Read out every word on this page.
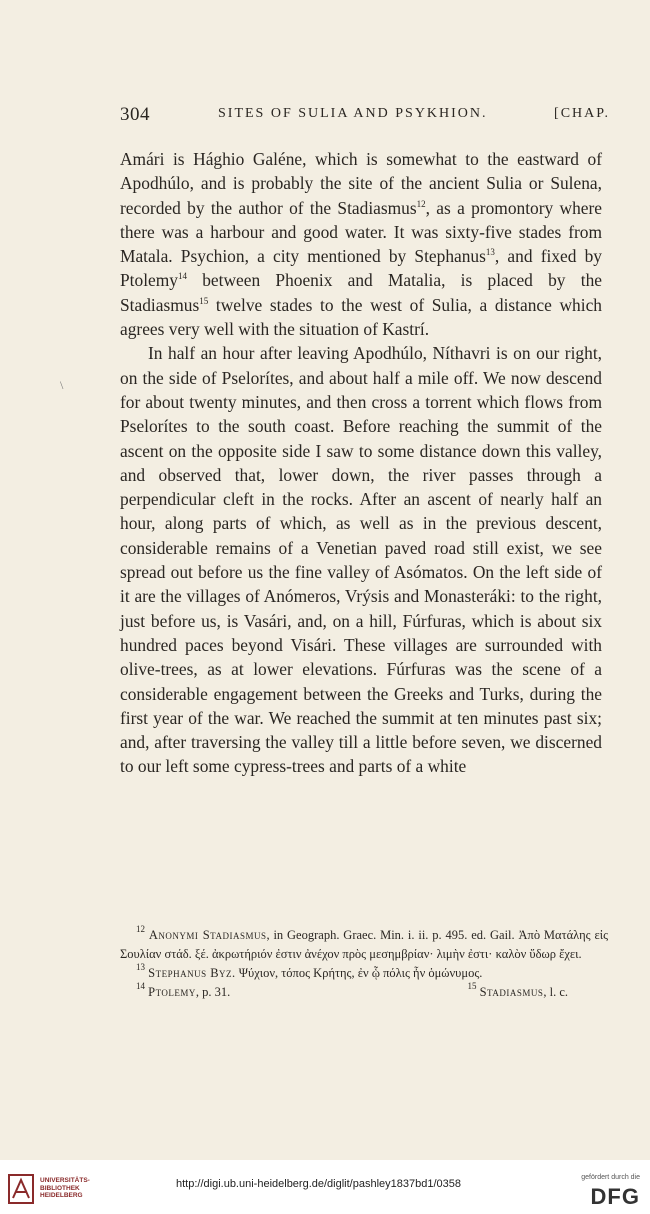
304	SITES OF SULIA AND PSYKHION.	[CHAP.
\

Amári is Hághio Galéne, which is somewhat to the eastward of Apodhúlo, and is probably the site of the ancient Sulia or Sulena, recorded by the author of the Stadiasmus$^{12}$, as a promontory where there was a harbour and good water. It was sixty-five stades from Matala. Psychion, a city mentioned by Stephanus$^{13}$, and fixed by Ptolemy$^{14}$ between Phoenix and Matalia, is placed by the Stadiasmus$^{15}$ twelve stades to the west of Sulia, a distance which agrees very well with the situation of Kastrí.

In half an hour after leaving Apodhúlo, Níthavri is on our right, on the side of Pselorítes, and about half a mile off. We now descend for about twenty minutes, and then cross a torrent which flows from Pselorítes to the south coast. Before reaching the summit of the ascent on the opposite side I saw to some distance down this valley, and observed that, lower down, the river passes through a perpendicular cleft in the rocks. After an ascent of nearly half an hour, along parts of which, as well as in the previous descent, considerable remains of a Venetian paved road still exist, we see spread out before us the fine valley of Asómatos. On the left side of it are the villages of Anómeros, Vrýsis and Monasteráki: to the right, just before us, is Vasári, and, on a hill, Fúrfuras, which is about six hundred paces beyond Visári. These villages are surrounded with olive-trees, as at lower elevations. Fúrfuras was the scene of a considerable engagement between the Greeks and Turks, during the first year of the war. We reached the summit at ten minutes past six; and, after traversing the valley till a little before seven, we discerned to our left some cypress-trees and parts of a white

$^{12}$ Anonymi Stadiasmus, in Geograph. Graec. Min. i. ii. p. 495. ed. Gail. Ἀπὸ Ματάλης εἰς Σουλίαν στάδ. ξέ. ἀκρωτήριόν ἐστιν ἀνέχον πρὸς μεσημβρίαν· λιμὴν ἐστι· καλὸν ὕδωρ ἔχει.

$^{13}$ Stephanus Byz. Ψύχιον, τόπος Κρήτης, ἐν ᾧ πόλις ἦν ὁμώνυμος.

$^{14}$ Ptolemy, p. 31.	$^{15}$ Stadiasmus, l. c.
UNIVERSITÄTS-
BIBLIOTHEK
HEIDELBERG
http://digi.ub.uni-heidelberg.de/diglit/pashley1837bd1/0358
gefördert durch die
DFG
